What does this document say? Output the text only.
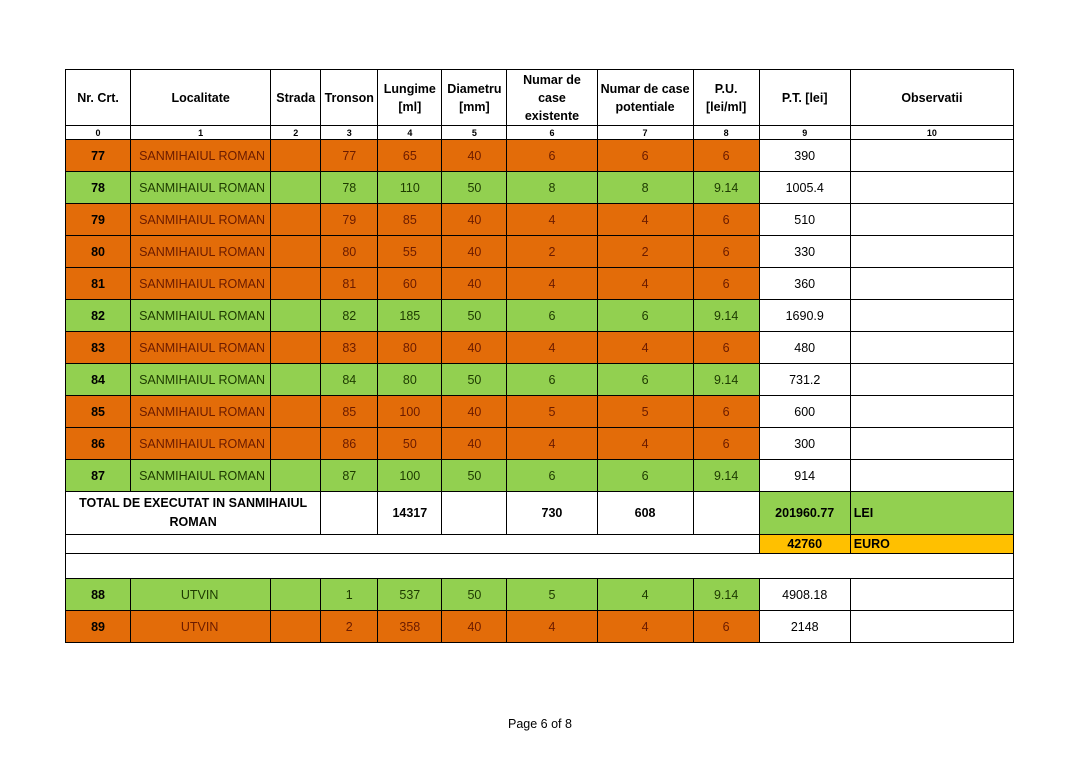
Nr. Crt.	Localitate	Strada	Tronson	Lungime [ml]	Diametru [mm]	Numar de case existente	Numar de case potentiale	P.U. [lei/ml]	P.T. [lei]	Observatii
0	1	2	3	4	5	6	7	8	9	10
77	SANMIHAIUL ROMAN		77	65	40	6	6	6	390	
78	SANMIHAIUL ROMAN		78	110	50	8	8	9.14	1005.4	
79	SANMIHAIUL ROMAN		79	85	40	4	4	6	510	
80	SANMIHAIUL ROMAN		80	55	40	2	2	6	330	
81	SANMIHAIUL ROMAN		81	60	40	4	4	6	360	
82	SANMIHAIUL ROMAN		82	185	50	6	6	9.14	1690.9	
83	SANMIHAIUL ROMAN		83	80	40	4	4	6	480	
84	SANMIHAIUL ROMAN		84	80	50	6	6	9.14	731.2	
85	SANMIHAIUL ROMAN		85	100	40	5	5	6	600	
86	SANMIHAIUL ROMAN		86	50	40	4	4	6	300	
87	SANMIHAIUL ROMAN		87	100	50	6	6	9.14	914	
TOTAL DE EXECUTAT IN SANMIHAIUL ROMAN				14317		730	608		201960.77	LEI
									42760	EURO

88	UTVIN		1	537	50	5	4	9.14	4908.18	
89	UTVIN		2	358	40	4	4	6	2148	
Page 6 of 8
